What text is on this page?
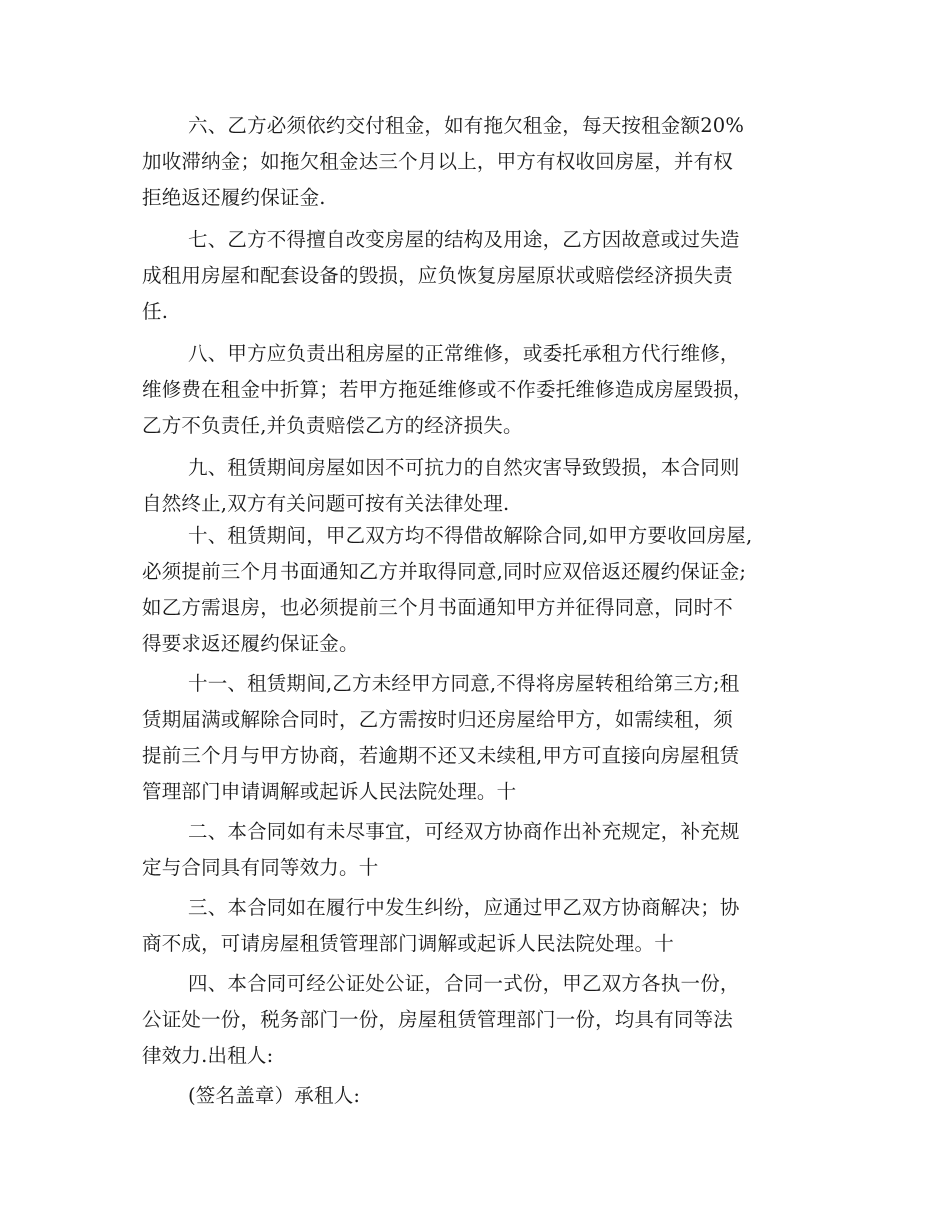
六、乙方必须依约交付租金，如有拖欠租金，每天按租金额20%
加收滞纳金；如拖欠租金达三个月以上，甲方有权收回房屋，并有权
拒绝返还履约保证金.
七、乙方不得擅自改变房屋的结构及用途，乙方因故意或过失造
成租用房屋和配套设备的毁损，应负恢复房屋原状或赔偿经济损失责
任.
八、甲方应负责出租房屋的正常维修，或委托承租方代行维修，
维修费在租金中折算；若甲方拖延维修或不作委托维修造成房屋毁损，
乙方不负责任,并负责赔偿乙方的经济损失。
九、租赁期间房屋如因不可抗力的自然灾害导致毁损，本合同则
自然终止,双方有关问题可按有关法律处理.
十、租赁期间，甲乙双方均不得借故解除合同,如甲方要收回房屋,
必须提前三个月书面通知乙方并取得同意,同时应双倍返还履约保证金;
如乙方需退房，也必须提前三个月书面通知甲方并征得同意，同时不
得要求返还履约保证金。
十一、租赁期间,乙方未经甲方同意,不得将房屋转租给第三方;租
赁期届满或解除合同时，乙方需按时归还房屋给甲方，如需续租，须
提前三个月与甲方协商，若逾期不还又未续租,甲方可直接向房屋租赁
管理部门申请调解或起诉人民法院处理。十
二、本合同如有未尽事宜，可经双方协商作出补充规定，补充规
定与合同具有同等效力。十
三、本合同如在履行中发生纠纷，应通过甲乙双方协商解决；协
商不成，可请房屋租赁管理部门调解或起诉人民法院处理。十
四、本合同可经公证处公证，合同一式份，甲乙双方各执一份，
公证处一份，税务部门一份，房屋租赁管理部门一份，均具有同等法
律效力.出租人:
(签名盖章）承租人:
